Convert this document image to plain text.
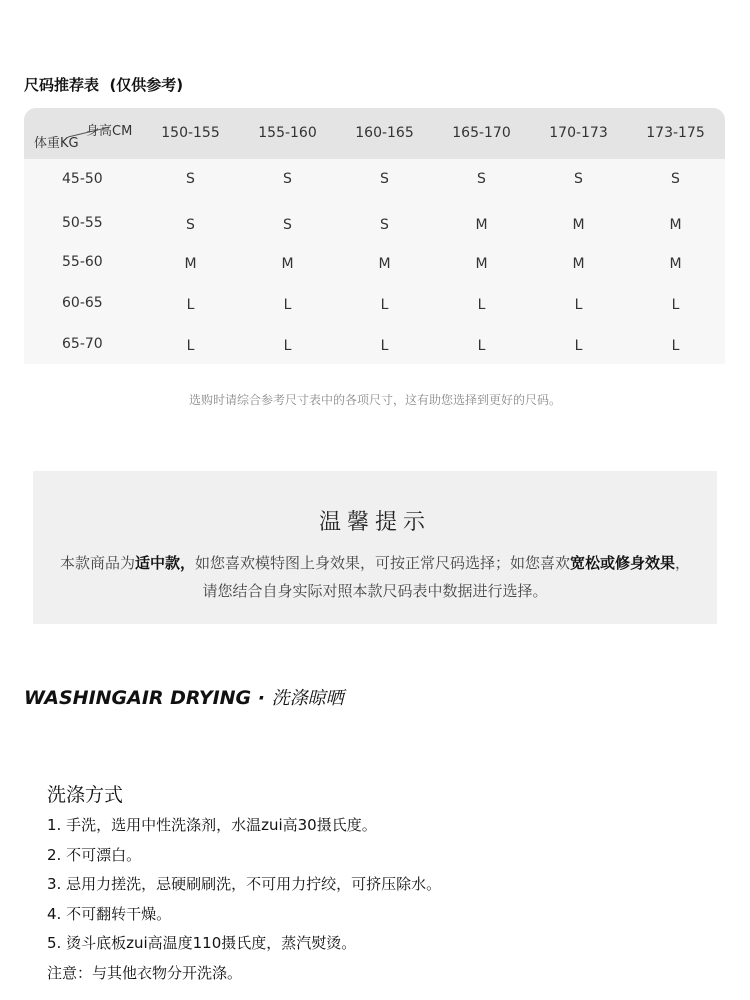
尺码推荐表  (仅供参考)
身高CM
体重KG
150-155	155-160	160-165	165-170	170-173	173-175
45-50	S	S	S	S	S	S
50-55	S	S	S	M	M	M
55-60	M	M	M	M	M	M
60-65	L	L	L	L	L	L
65-70	L	L	L	L	L	L
选购时请综合参考尺寸表中的各项尺寸，这有助您选择到更好的尺码。
温馨提示
本款商品为适中款，如您喜欢模特图上身效果，可按正常尺码选择；如您喜欢宽松或修身效果，请您结合自身实际对照本款尺码表中数据进行选择。
WASHINGAIR DRYING · 洗涤晾晒
洗涤方式
1. 手洗，选用中性洗涤剂，水温zui高30摄氏度。
2. 不可漂白。
3. 忌用力搓洗，忌硬刷刷洗，不可用力拧绞，可挤压除水。
4. 不可翻转干燥。
5. 烫斗底板zui高温度110摄氏度，蒸汽熨烫。
注意：与其他衣物分开洗涤。
